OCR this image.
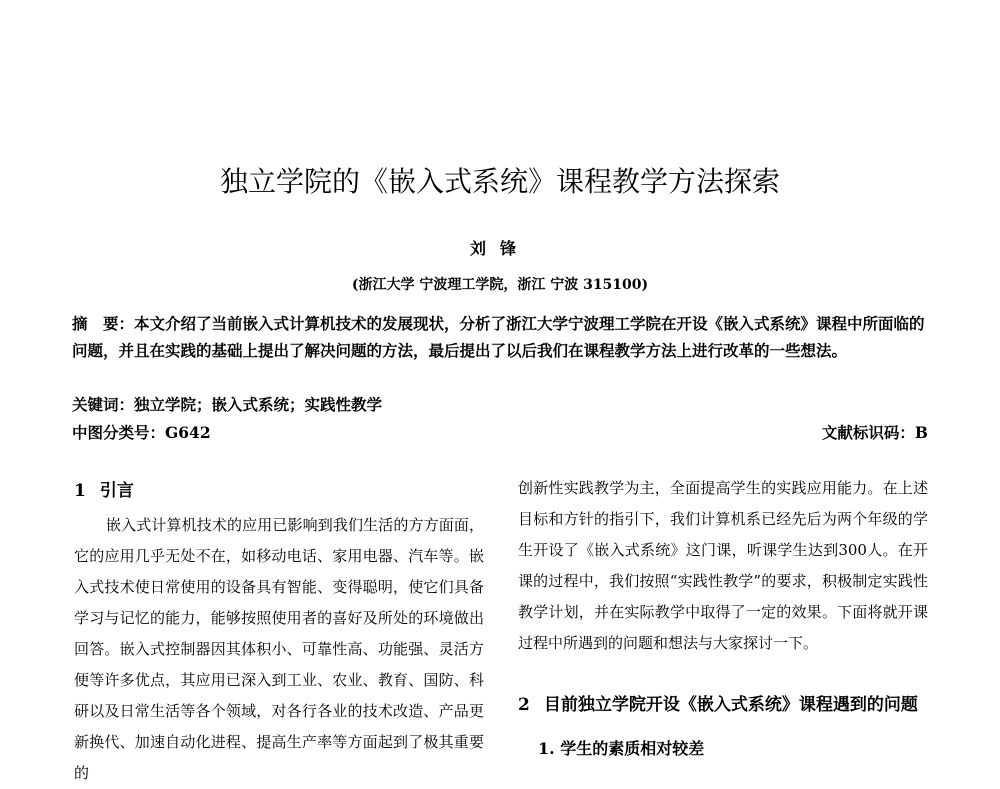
独立学院的《嵌入式系统》课程教学方法探索
刘锋
(浙江大学 宁波理工学院，浙江 宁波 315100)
摘　要：本文介绍了当前嵌入式计算机技术的发展现状，分析了浙江大学宁波理工学院在开设《嵌入式系统》课程中所面临的问题，并且在实践的基础上提出了解决问题的方法，最后提出了以后我们在课程教学方法上进行改革的一些想法。
关键词：独立学院；嵌入式系统；实践性教学
中图分类号：G642	文献标识码：B
1 引言
嵌入式计算机技术的应用已影响到我们生活的方方面面，它的应用几乎无处不在，如移动电话、家用电器、汽车等。嵌入式技术使日常使用的设备具有智能、变得聪明，使它们具备学习与记忆的能力，能够按照使用者的喜好及所处的环境做出回答。嵌入式控制器因其体积小、可靠性高、功能强、灵活方便等许多优点，其应用已深入到工业、农业、教育、国防、科研以及日常生活等各个领域，对各行各业的技术改造、产品更新换代、加速自动化进程、提高生产率等方面起到了极其重要的
创新性实践教学为主，全面提高学生的实践应用能力。在上述目标和方针的指引下，我们计算机系已经先后为两个年级的学生开设了《嵌入式系统》这门课，听课学生达到300人。在开课的过程中，我们按照“实践性教学”的要求，积极制定实践性教学计划，并在实际教学中取得了一定的效果。下面将就开课过程中所遇到的问题和想法与大家探讨一下。
2 目前独立学院开设《嵌入式系统》课程遇到的问题
1. 学生的素质相对较差
